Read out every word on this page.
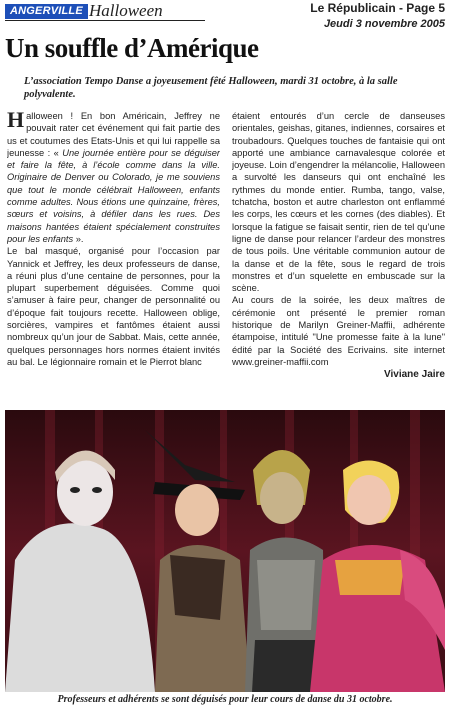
ANGERVILLE Halloween	Le Républicain - Page 5
Jeudi 3 novembre 2005
Un souffle d’Amérique
L’association Tempo Danse a joyeusement fêté Halloween, mardi 31 octobre, à la salle polyvalente.

Halloween ! En bon Américain, Jeffrey ne pouvait rater cet événement qui fait partie des us et coutumes des Etats-Unis et qui lui rappelle sa jeunesse : « Une journée entière pour se déguiser et faire la fête, à l’école comme dans la ville. Originaire de Denver ou Colorado, je me souviens que tout le monde célébrait Halloween, enfants comme adultes. Nous étions une quinzaine, frères, sœurs et voisins, à défiler dans les rues. Des maisons hantées étaient spécialement construites pour les enfants ».

Le bal masqué, organisé pour l’occasion par Yannick et Jeffrey, les deux professeurs de danse, a réuni plus d’une centaine de personnes, pour la plupart superbement déguisées. Comme quoi s’amuser à faire peur, changer de personnalité ou d’époque fait toujours recette. Halloween oblige, sorcières, vampires et fantômes étaient aussi nombreux qu’un jour de Sabbat. Mais, cette année, quelques personnages hors normes étaient invités au bal. Le légionnaire romain et le Pierrot blanc

étaient entourés d’un cercle de danseuses orientales, geishas, gitanes, indiennes, corsaires et troubadours. Quelques touches de fantaisie qui ont apporté une ambiance carnavalesque colorée et joyeuse. Loin d’engendrer la mélancolie, Halloween a survolté les danseurs qui ont enchaîné les rythmes du monde entier. Rumba, tango, valse, tchatcha, boston et autre charleston ont enflammé les corps, les cœurs et les cornes (des diables). Et lorsque la fatigue se faisait sentir, rien de tel qu’une ligne de danse pour relancer l’ardeur des monstres de tous poils. Une véritable communion autour de la danse et de la fête, sous le regard de trois monstres et d’un squelette en embuscade sur la scène.

Au cours de la soirée, les deux maîtres de cérémonie ont présenté le premier roman historique de Marilyn Greiner-Maffii, adhérente étampoise, intitulé "Une promesse faite à la lune" édité par la Société des Ecrivains. site internet www.greiner-maffii.com

Viviane Jaire
Professeurs et adhérents se sont déguisés pour leur cours de danse du 31 octobre.
